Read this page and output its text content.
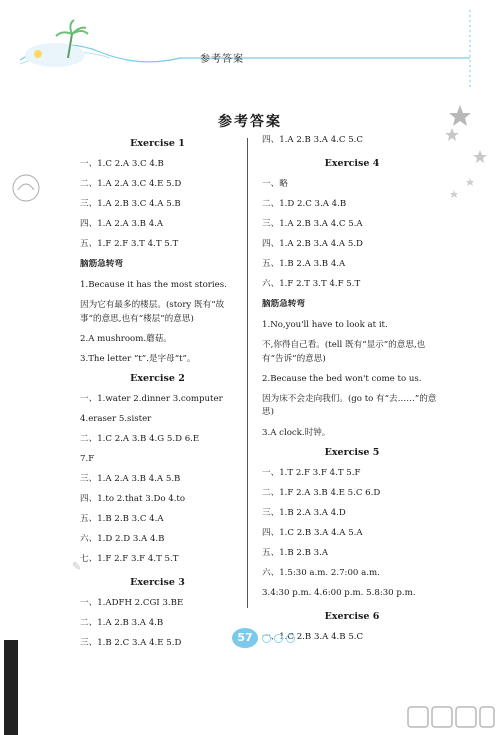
参考答案
参考答案
Exercise 1
一、1.C 2.A 3.C 4.B
二、1.A 2.A 3.C 4.E 5.D
三、1.A 2.B 3.C 4.A 5.B
四、1.A 2.A 3.B 4.A
五、1.F 2.F 3.T 4.T 5.T
脑筋急转弯
1.Because it has the most stories.
因为它有最多的楼层。(story 既有“故事”的意思,也有“楼层”的意思)
2.A mushroom.蘑菇。
3.The letter “t”.是字母“t”。
Exercise 2
一、1.water 2.dinner 3.computer
4.eraser 5.sister
二、1.C 2.A 3.B 4.G 5.D 6.E
7.F
三、1.A 2.A 3.B 4.A 5.B
四、1.to 2.that 3.Do 4.to
五、1.B 2.B 3.C 4.A
六、1.D 2.D 3.A 4.B
七、1.F 2.F 3.F 4.T 5.T
Exercise 3
一、1.ADFH 2.CGI 3.BE
二、1.A 2.B 3.A 4.B
三、1.B 2.C 3.A 4.E 5.D
四、1.A 2.B 3.A 4.C 5.C
Exercise 4
一、略
二、1.D 2.C 3.A 4.B
三、1.A 2.B 3.A 4.C 5.A
四、1.A 2.B 3.A 4.A 5.D
五、1.B 2.A 3.B 4.A
六、1.F 2.T 3.T 4.F 5.T
脑筋急转弯
1.No,you'll have to look at it.
不,你得自己看。(tell 既有“显示”的意思,也有“告诉”的意思)
2.Because the bed won't come to us.
因为床不会走向我们。(go to 有“去……”的意思)
3.A clock.时钟。
Exercise 5
一、1.T 2.F 3.F 4.T 5.F
二、1.F 2.A 3.B 4.E 5.C 6.D
三、1.B 2.A 3.A 4.D
四、1.C 2.B 3.A 4.A 5.A
五、1.B 2.B 3.A
六、1.5:30 a.m. 2.7:00 a.m.
3.4:30 p.m. 4.6:00 p.m. 5.8:30 p.m.
Exercise 6
一、1.C 2.B 3.A 4.B 5.C
✎
57
